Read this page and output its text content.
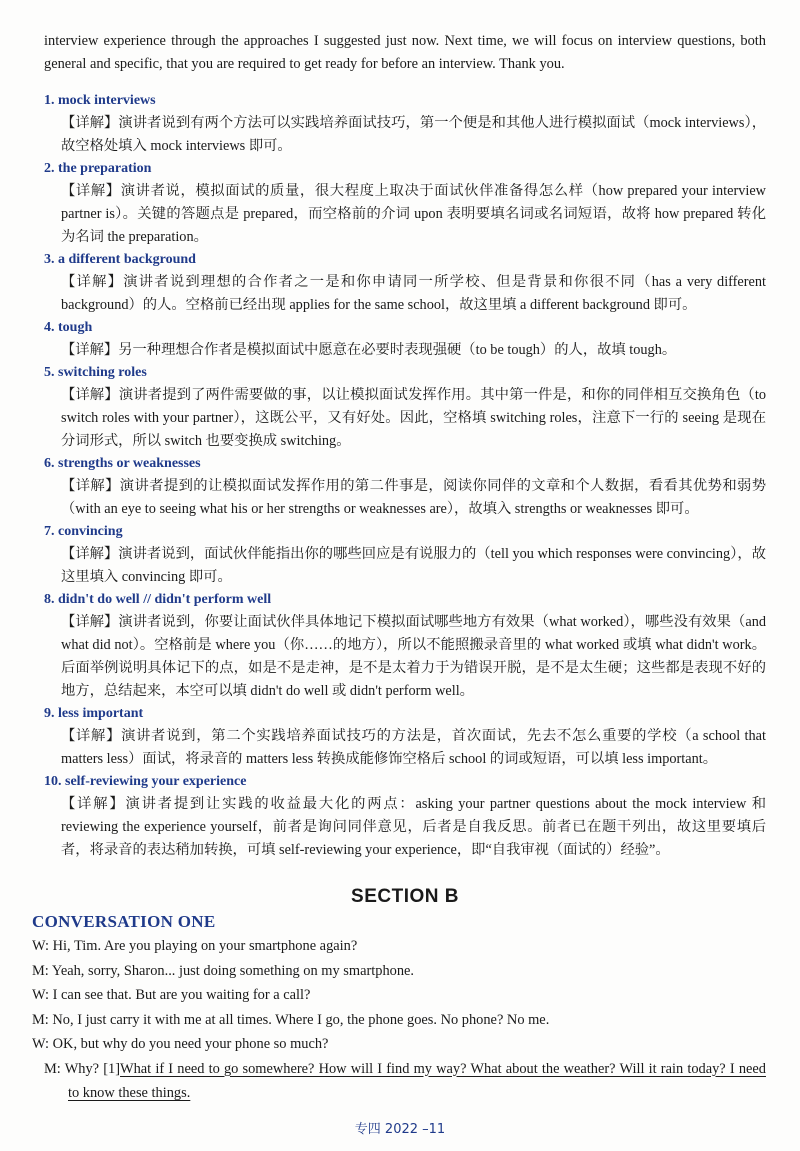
interview experience through the approaches I suggested just now. Next time, we will focus on interview questions, both general and specific, that you are required to get ready for before an interview. Thank you.

1. mock interviews

【详解】演讲者说到有两个方法可以实践培养面试技巧，第一个便是和其他人进行模拟面试（mock interviews），故空格处填入 mock interviews 即可。

2. the preparation

【详解】演讲者说，模拟面试的质量，很大程度上取决于面试伙伴准备得怎么样（how prepared your interview partner is）。关键的答题点是 prepared，而空格前的介词 upon 表明要填名词或名词短语，故将 how prepared 转化为名词 the preparation。

3. a different background

【详解】演讲者说到理想的合作者之一是和你申请同一所学校、但是背景和你很不同（has a very different background）的人。空格前已经出现 applies for the same school，故这里填 a different background 即可。

4. tough

【详解】另一种理想合作者是模拟面试中愿意在必要时表现强硬（to be tough）的人，故填 tough。

5. switching roles

【详解】演讲者提到了两件需要做的事，以让模拟面试发挥作用。其中第一件是，和你的同伴相互交换角色（to switch roles with your partner），这既公平，又有好处。因此，空格填 switching roles，注意下一行的 seeing 是现在分词形式，所以 switch 也要变换成 switching。

6. strengths or weaknesses

【详解】演讲者提到的让模拟面试发挥作用的第二件事是，阅读你同伴的文章和个人数据，看看其优势和弱势（with an eye to seeing what his or her strengths or weaknesses are），故填入 strengths or weaknesses 即可。

7. convincing

【详解】演讲者说到，面试伙伴能指出你的哪些回应是有说服力的（tell you which responses were convincing），故这里填入 convincing 即可。

8. didn't do well // didn't perform well

【详解】演讲者说到，你要让面试伙伴具体地记下模拟面试哪些地方有效果（what worked），哪些没有效果（and what did not）。空格前是 where you（你……的地方），所以不能照搬录音里的 what worked 或填 what didn't work。后面举例说明具体记下的点，如是不是走神，是不是太着力于为错误开脱，是不是太生硬；这些都是表现不好的地方，总结起来，本空可以填 didn't do well 或 didn't perform well。

9. less important

【详解】演讲者说到，第二个实践培养面试技巧的方法是，首次面试，先去不怎么重要的学校（a school that matters less）面试，将录音的 matters less 转换成能修饰空格后 school 的词或短语，可以填 less important。

10. self-reviewing your experience

【详解】演讲者提到让实践的收益最大化的两点：asking your partner questions about the mock interview 和 reviewing the experience yourself，前者是询问同伴意见，后者是自我反思。前者已在题干列出，故这里要填后者，将录音的表达稍加转换，可填 self-reviewing your experience，即“自我审视（面试的）经验”。

SECTION B
CONVERSATION ONE

W: Hi, Tim. Are you playing on your smartphone again?

M: Yeah, sorry, Sharon... just doing something on my smartphone.

W: I can see that. But are you waiting for a call?

M: No, I just carry it with me at all times. Where I go, the phone goes. No phone? No me.

W: OK, but why do you need your phone so much?

M: Why? [1]What if I need to go somewhere? How will I find my way? What about the weather? Will it rain today? I need to know these things.

专四 2022 –11
